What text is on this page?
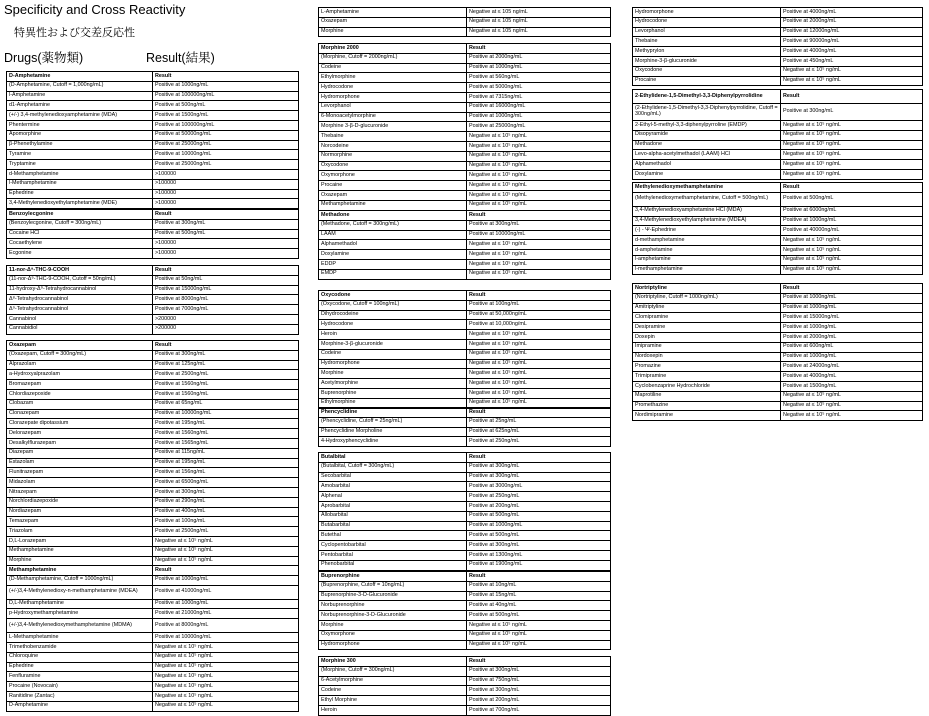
Specificity and Cross Reactivity
特異性および交差反応性
Drugs(薬物類)	Result(結果)
D-Amphetamine	Result
(D-Amphetamine, Cutoff = 1,000ng/mL)	Positive at 1000ng/mL
l-Amphetamine	Positive at 100000ng/mL
d1-Amphetamine	Positive at 500ng/mL
(+/-) 3,4-methylenedioxyamphetamine (MDA)	Positive at 1500ng/mL
Phentermine	Positive at 100000ng/mL
Apomorphine	Positive at 50000ng/mL
β-Phenethylamine	Positive at 25000ng/mL
Tyramine	Positive at 10000ng/mL
Tryptamine	Positive at 25000ng/mL
d-Methamphetamine	>100000
l-Methamphetamine	>100000
Ephedrine	>100000
3,4-Methylenedioxyethylamphetamine (MDE)	>100000
Benzoylecgonine	Result
(Benzoylecgonine, Cutoff = 300ng/mL)	Positive at 300ng/mL
Cocaine HCl	Positive at 500ng/mL
Cocaethylene	>100000
Ecgonine	>100000
11-nor-Δ⁹-THC-9-COOH	Result
(11-nor-Δ⁹-THC-9-COOH, Cutoff = 50ng/mL)	Positive at 50ng/mL
11-hydroxy-Δ⁹-Tetrahydrocannabinol	Positive at 15000ng/mL
Δ⁸-Tetrahydrocannabinol	Positive at 8000ng/mL
Δ⁹-Tetrahydrocannabinol	Positive at 7000ng/mL
Cannabinol	>200000
Cannabidiol	>200000
Oxazepam	Result
(Oxazepam, Cutoff = 300ng/mL)	Positive at 300ng/mL
Alprazolam	Positive at 125ng/mL
a-Hydroxyalprazolam	Positive at 2500ng/mL
Bromazepam	Positive at 1560ng/mL
Chlordiazepoxide	Positive at 1560ng/mL
Clobazam	Positive at 65ng/mL
Clonazepam	Positive at 10000ng/mL
Clorazepate dipotassium	Positive at 195ng/mL
Delorazepam	Positive at 1560ng/mL
Desalkylflurazepam	Positive at 1565ng/mL
Diazepam	Positive at 115ng/mL
Estazolam	Positive at 195ng/mL
Flunitrazepam	Positive at 156ng/mL
Midazolam	Positive at 6500ng/mL
Nitrazepam	Positive at 300ng/mL
Norchlordiazepoxide	Positive at 290ng/mL
Nordiazepam	Positive at 400ng/mL
Temazepam	Positive at 100ng/mL
Triazolam	Positive at 2500ng/mL
D,L-Lorazepam	Negative at ≤ 10⁵ ng/mL
Methamphetamine	Negative at ≤ 10⁵ ng/mL
Morphine	Negative at ≤ 10⁵ ng/mL
Methamphetamine	Result
(D-Methamphetamine, Cutoff = 1000ng/mL)	Positive at 1000ng/mL
(+/-)3,4-Methylenedioxy-n-methamphetamine (MDEA)	Positive at 41000ng/mL
D,L-Methamphetamine	Positive at 1000ng/mL
p-Hydroxymethamphetamine	Positive at 21000ng/mL
(+/-)3,4-Methylenedioxymethamphetamine (MDMA)	Positive at 8000ng/mL
L-Methamphetamine	Positive at 10000ng/mL
Trimethobenzamide	Negative at ≤ 10⁵ ng/mL
Chloroquine	Negative at ≤ 10⁵ ng/mL
Ephedrine	Negative at ≤ 10⁵ ng/mL
Fenfluramine	Negative at ≤ 10⁵ ng/mL
Procaine (Novocain)	Negative at ≤ 10⁵ ng/mL
Ranitidine (Zantac)	Negative at ≤ 10⁵ ng/mL
D-Amphetamine	Negative at ≤ 10⁵ ng/mL
L-Amphetamine	Negative at ≤ 105 ng/mL
Oxazepam	Negative at ≤ 105 ng/mL
Morphine	Negative at ≤ 105 ng/mL
Morphine 2000	Result
(Morphine, Cutoff = 2000ng/mL)	Positive at 2000ng/mL
Codeine	Positive at 1000ng/mL
Ethylmorphine	Positive at 560ng/mL
Hydrocodone	Positive at 5000ng/mL
Hydromorphone	Positive at 7315ng/mL
Levorphanol	Positive at 16000ng/mL
6-Monoacetylmorphine	Positive at 1000ng/mL
Morphine 3-β-D-glucuronide	Positive at 25000ng/mL
Thebaine	Negative at ≤ 10⁵ ng/mL
Norcodeine	Negative at ≤ 10⁵ ng/mL
Normorphine	Negative at ≤ 10⁵ ng/mL
Oxycodone	Negative at ≤ 10⁵ ng/mL
Oxymorphone	Negative at ≤ 10⁵ ng/mL
Procaine	Negative at ≤ 10⁵ ng/mL
Oxazepam	Negative at ≤ 10⁵ ng/mL
Methamphetamine	Negative at ≤ 10⁵ ng/mL
Methadone	Result
(Methadone, Cutoff = 300ng/mL)	Positive at 300ng/mL
LAAM	Positive at 10000ng/mL
Alphamethadol	Negative at ≤ 10⁵ ng/mL
Doxylamine	Negative at ≤ 10⁵ ng/mL
EDDP	Negative at ≤ 10⁵ ng/mL
EMDP	Negative at ≤ 10⁵ ng/mL
Oxycodone	Result
(Oxycodone, Cutoff = 100ng/mL)	Positive at 100ng/mL
Dihydrocodeine	Positive at 50,000ng/mL
Hydrocodone	Positive at 10,000ng/mL
Heroin	Negative at ≤ 10⁵ ng/mL
Morphine-3-β-glucuronide	Negative at ≤ 10⁵ ng/mL
Codeine	Negative at ≤ 10⁵ ng/mL
Hydromorphone	Negative at ≤ 10⁵ ng/mL
Morphine	Negative at ≤ 10⁵ ng/mL
Acetylmorphine	Negative at ≤ 10⁵ ng/mL
Buprenorphine	Negative at ≤ 10⁵ ng/mL
Ethylmorphine	Negative at ≤ 10⁵ ng/mL
Phencyclidine	Result
(Phencyclidine, Cutoff = 25ng/mL)	Positive at 25ng/mL
Phencyclidine Morpholine	Positive at 625ng/mL
4-Hydroxyphencyclidine	Positive at 250ng/mL
Butalbital	Result
(Butalbital, Cutoff = 300ng/mL)	Positive at 300ng/mL
Secobarbital	Positive at 300ng/mL
Amobarbital	Positive at 3000ng/mL
Alphenal	Positive at 250ng/mL
Aprobarbital	Positive at 200ng/mL
Allobarbital	Positive at 500ng/mL
Butabarbital	Positive at 1000ng/mL
Butethal	Positive at 500ng/mL
Cyclopentobarbital	Positive at 300ng/mL
Pentobarbital	Positive at 1300ng/mL
Phenobarbital	Positive at 1900ng/mL
Buprenorphine	Result
(Buprenorphine, Cutoff = 10ng/mL)	Positive at 10ng/mL
Buprenorphine-3-D-Glucuronide	Positive at 15ng/mL
Norbuprenorphine	Positive at 40ng/mL
Norbuprenorphine-3-D-Glucuronide	Positive at 500ng/mL
Morphine	Negative at ≤ 10⁵ ng/mL
Oxymorphone	Negative at ≤ 10⁵ ng/mL
Hydromorphone	Negative at ≤ 10⁵ ng/mL
Morphine 300	Result
(Morphine, Cutoff = 300ng/mL)	Positive at 300ng/mL
6-Acetylmorphine	Positive at 750ng/mL
Codeine	Positive at 300ng/mL
Ethyl Morphine	Positive at 200ng/mL
Heroin	Positive at 700ng/mL
Hydromorphone	Positive at 4000ng/mL
Hydrocodone	Positive at 2000ng/mL
Levorphanol	Positive at 12000ng/mL
Thebaine	Positive at 90000ng/mL
Methyprylon	Positive at 4000ng/mL
Morphine-3-β-glucuronide	Positive at 450ng/mL
Oxycodone	Negative at ≤ 10⁵ ng/mL
Procaine	Negative at ≤ 10⁵ ng/mL
2-Ethylidene-1,5-Dimethyl-3,3-Diphenylpyrrolidine	Result
(2-Ethylidene-1,5-Dimethyl-3,3-Diphenylpyrrolidine, Cutoff = 300ng/mL)	Positive at 300ng/mL
2-Ethyl-5-methyl-3,3-diphenylpyrroline (EMDP)	Negative at ≤ 10⁵ ng/mL
Disopyramide	Negative at ≤ 10⁵ ng/mL
Methadone	Negative at ≤ 10⁵ ng/mL
Levo-alpha-acetylmethadol (LAAM) HCl	Negative at ≤ 10⁵ ng/mL
Alphamethadol	Negative at ≤ 10⁵ ng/mL
Doxylamine	Negative at ≤ 10⁵ ng/mL
Methylenedioxymethamphetamine	Result
(Methylenedioxymethamphetamine, Cutoff = 500ng/mL)	Positive at 500ng/mL
3,4-Methylenedioxyamphetamine HCl (MDA)	Positive at 6000ng/mL
3,4-Methylenedioxyethylamphetamine (MDEA)	Positive at 1000ng/mL
(-) - Ψ-Ephedrine	Positive at 40000ng/mL
d-methamphetamine	Negative at ≤ 10⁵ ng/mL
d-amphetamine	Negative at ≤ 10⁵ ng/mL
l-amphetamine	Negative at ≤ 10⁵ ng/mL
l-methamphetamine	Negative at ≤ 10⁵ ng/mL
Nortriptyline	Result
(Nortriptyline, Cutoff = 1000ng/mL)	Positive at 1000ng/mL
Amitriptyline	Positive at 1000ng/mL
Clomipramine	Positive at 15000ng/mL
Desipramine	Positive at 1000ng/mL
Doxepin	Positive at 2000ng/mL
Imipramine	Positive at 600ng/mL
Nordoxepin	Positive at 1000ng/mL
Promazine	Positive at 24000ng/mL
Trimipramine	Positive at 4000ng/mL
Cyclobenzaprine Hydrochloride	Positive at 1500ng/mL
Maprotiline	Negative at ≤ 10⁵ ng/mL
Promethazine	Negative at ≤ 10⁵ ng/mL
Nordimipramine	Negative at ≤ 10⁵ ng/mL
